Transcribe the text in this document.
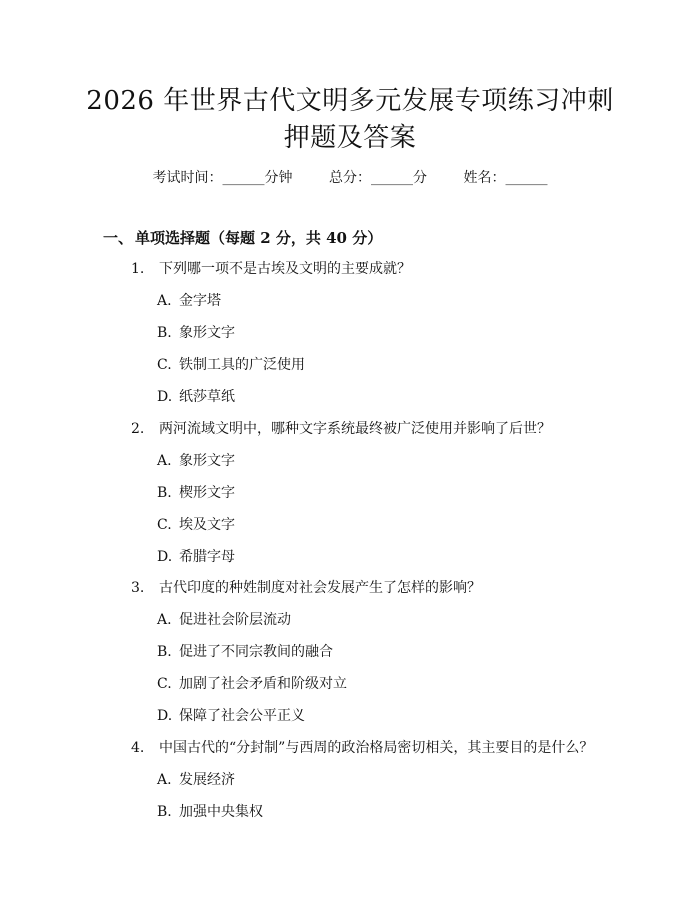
2026 年世界古代文明多元发展专项练习冲刺
押题及答案
考试时间：______分钟	总分：______分	姓名：______
一、 单项选择题（每题 2 分，共 40 分）
1. 下列哪一项不是古埃及文明的主要成就？
A. 金字塔
B. 象形文字
C. 铁制工具的广泛使用
D. 纸莎草纸
2. 两河流域文明中，哪种文字系统最终被广泛使用并影响了后世？
A. 象形文字
B. 楔形文字
C. 埃及文字
D. 希腊字母
3. 古代印度的种姓制度对社会发展产生了怎样的影响？
A. 促进社会阶层流动
B. 促进了不同宗教间的融合
C. 加剧了社会矛盾和阶级对立
D. 保障了社会公平正义
4. 中国古代的“分封制”与西周的政治格局密切相关，其主要目的是什么？
A. 发展经济
B. 加强中央集权
